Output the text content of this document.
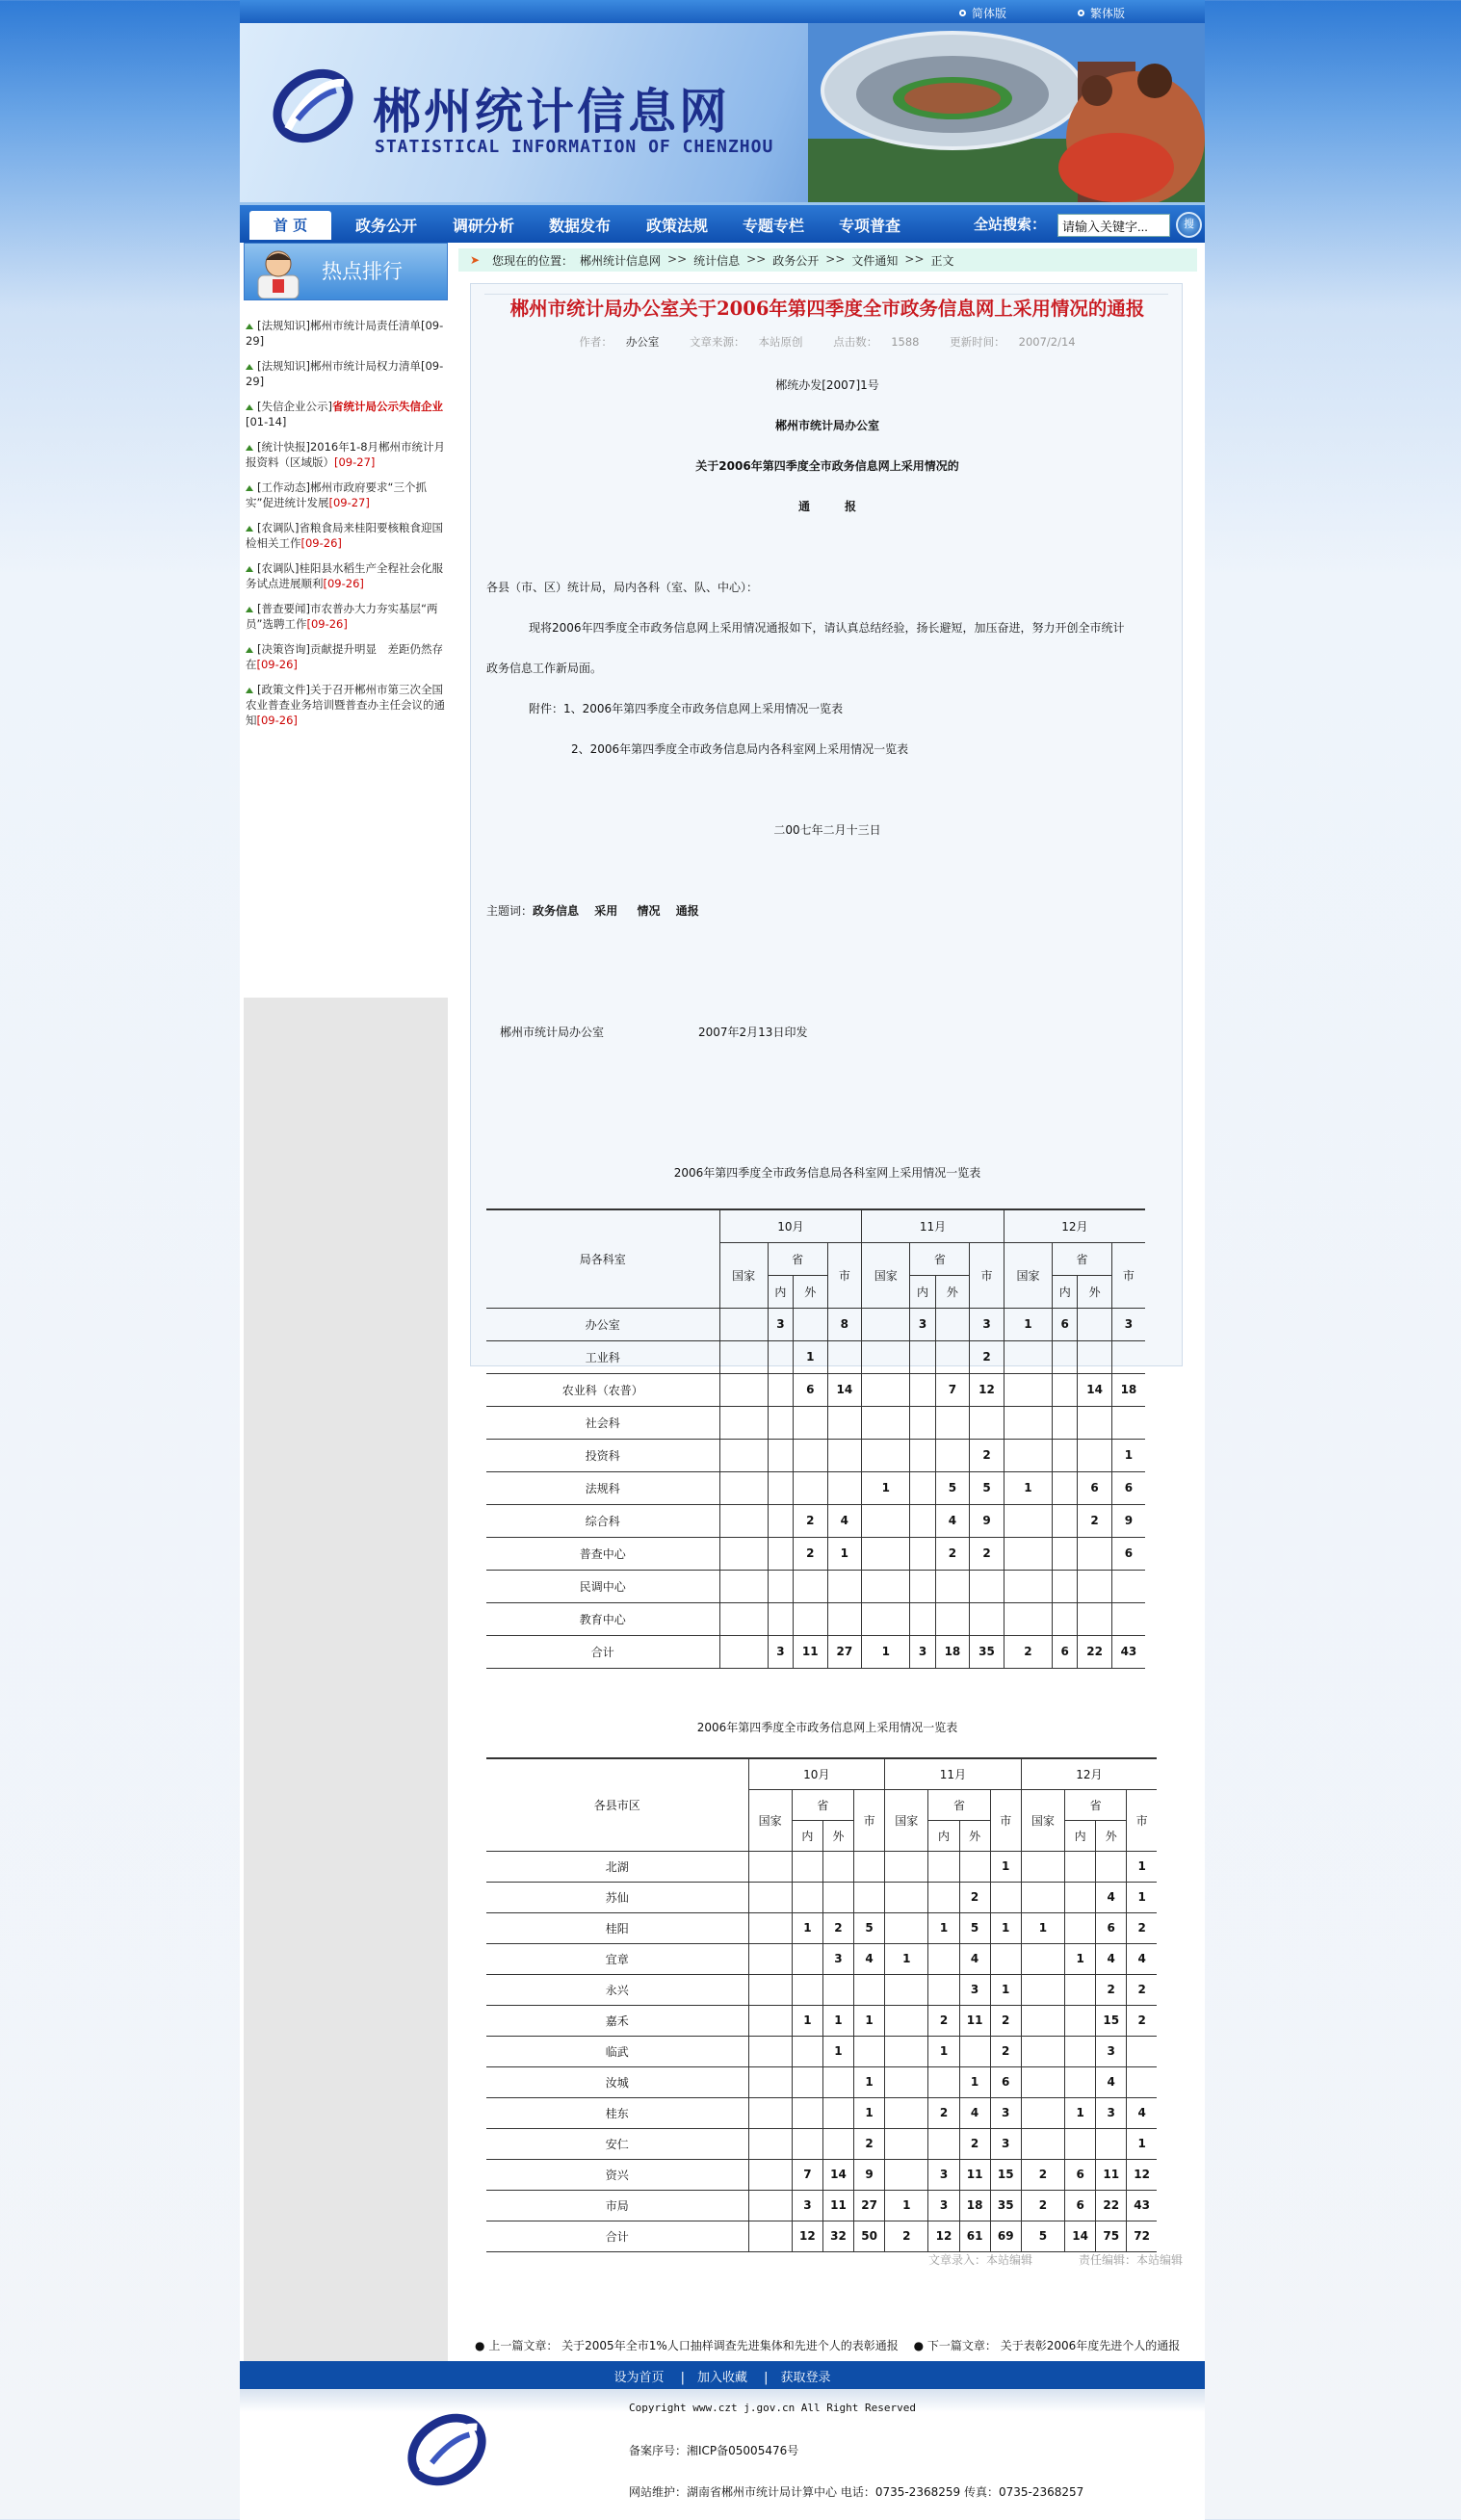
简体版	繁体版
郴州统计信息网
STATISTICAL INFORMATION OF CHENZHOU
首 页	政务公开 调研分析 数据发布 政策法规 专题专栏 专项普查	全站搜索：
请输入关键字...	搜
热点排行
[法规知识]郴州市统计局责任清单[09-29]
[法规知识]郴州市统计局权力清单[09-29]
[失信企业公示]省统计局公示失信企业[01-14]
[统计快报]2016年1-8月郴州市统计月报资料（区域版）[09-27]
[工作动态]郴州市政府要求“三个抓实”促进统计发展[09-27]
[农调队]省粮食局来桂阳要核粮食迎国检相关工作[09-26]
[农调队]桂阳县水稻生产全程社会化服务试点进展顺利[09-26]
[普查要闻]市农普办大力夯实基层“两员”选聘工作[09-26]
[决策咨询]贡献提升明显　差距仍然存在[09-26]
[政策文件]关于召开郴州市第三次全国农业普查业务培训暨普查办主任会议的通知[09-26]
➤ 您现在的位置： 郴州统计信息网 >> 统计信息 >> 政务公开 >> 文件通知 >> 正文
郴州市统计局办公室关于2006年第四季度全市政务信息网上采用情况的通报
作者： 办公室	文章来源： 本站原创	点击数： 1588	更新时间： 2007/2/14
郴统办发[2007]1号
郴州市统计局办公室
关于2006年第四季度全市政务信息网上采用情况的
通　　　报
各县（市、区）统计局，局内各科（室、队、中心）：
现将2006年四季度全市政务信息网上采用情况通报如下，请认真总结经验，扬长避短，加压奋进，努力开创全市统计
政务信息工作新局面。
附件：1、2006年第四季度全市政务信息网上采用情况一览表
2、2006年第四季度全市政务信息局内各科室网上采用情况一览表
二00七年二月十三日
主题词：政务信息　 采用 　 情况 　通报
郴州市统计局办公室	2007年2月13日印发
2006年第四季度全市政务信息局各科室网上采用情况一览表
局各科室	10月				11月				12月			
	国家	省		市	国家	省		市	国家	省		市
		内	外			内	外			内	外	
办公室		3		8		3		3	1	6		3
工业科			1					2				
农业科（农普）			6	14			7	12			14	18
社会科												
投资科								2				1
法规科					1		5	5	1		6	6
综合科			2	4			4	9			2	9
普查中心			2	1			2	2				6
民调中心												
教育中心												
合计		3	11	27	1	3	18	35	2	6	22	43
2006年第四季度全市政务信息网上采用情况一览表
各县市区	10月				11月				12月			
	国家	省		市	国家	省		市	国家	省		市
		内	外			内	外			内	外	
北湖								1				1
苏仙							2				4	1
桂阳		1	2	5		1	5	1	1		6	2
宜章			3	4	1		4			1	4	4
永兴							3	1			2	2
嘉禾		1	1	1		2	11	2			15	2
临武			1			1		2			3	
汝城				1			1	6			4	
桂东				1		2	4	3		1	3	4
安仁				2			2	3				1
资兴		7	14	9		3	11	15	2	6	11	12
市局		3	11	27	1	3	18	35	2	6	22	43
合计		12	32	50	2	12	61	69	5	14	75	72
文章录入：本站编辑　　　　	责任编辑：本站编辑　
● 上一篇文章： 关于2005年全市1%人口抽样调查先进集体和先进个人的表彰通报 　 ● 下一篇文章： 关于表彰2006年度先进个人的通报
设为首页 　|　加入收藏 　|　获取登录
Copyright www.czt j.gov.cn All Right Reserved
备案序号：湘ICP备05005476号
网站维护：湖南省郴州市统计局计算中心 电话：0735-2368259 传真：0735-2368257
